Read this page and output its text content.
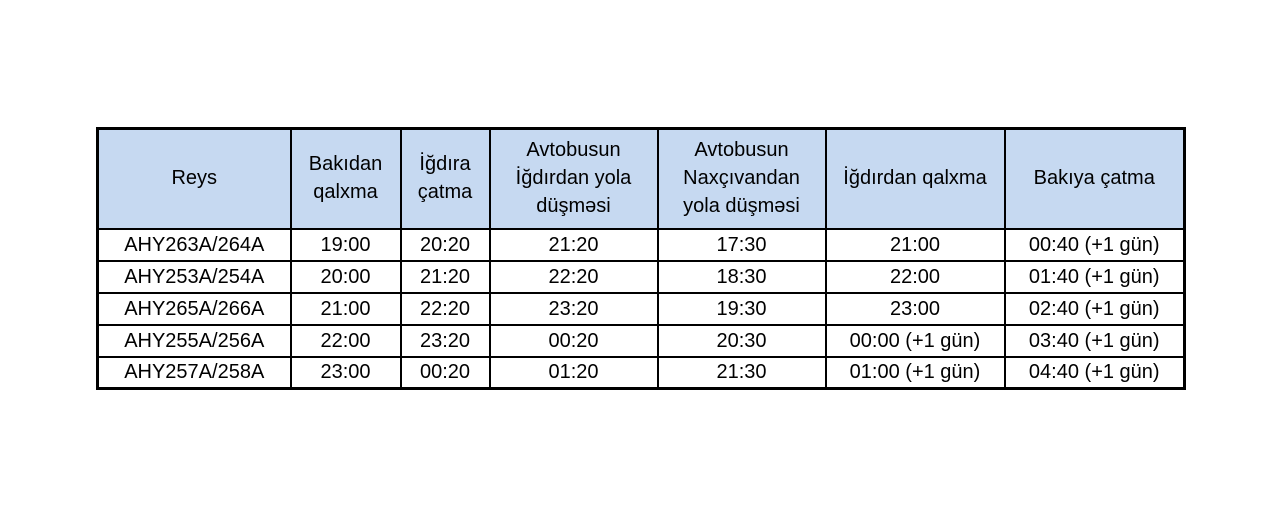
Reys	Bakıdan qalxma	İğdıra çatma	Avtobusun İğdırdan yola düşməsi	Avtobusun Naxçıvandan yola düşməsi	İğdırdan qalxma	Bakıya çatma
AHY263A/264A	19:00	20:20	21:20	17:30	21:00	00:40 (+1 gün)
AHY253A/254A	20:00	21:20	22:20	18:30	22:00	01:40 (+1 gün)
AHY265A/266A	21:00	22:20	23:20	19:30	23:00	02:40 (+1 gün)
AHY255A/256A	22:00	23:20	00:20	20:30	00:00 (+1 gün)	03:40 (+1 gün)
AHY257A/258A	23:00	00:20	01:20	21:30	01:00 (+1 gün)	04:40 (+1 gün)
